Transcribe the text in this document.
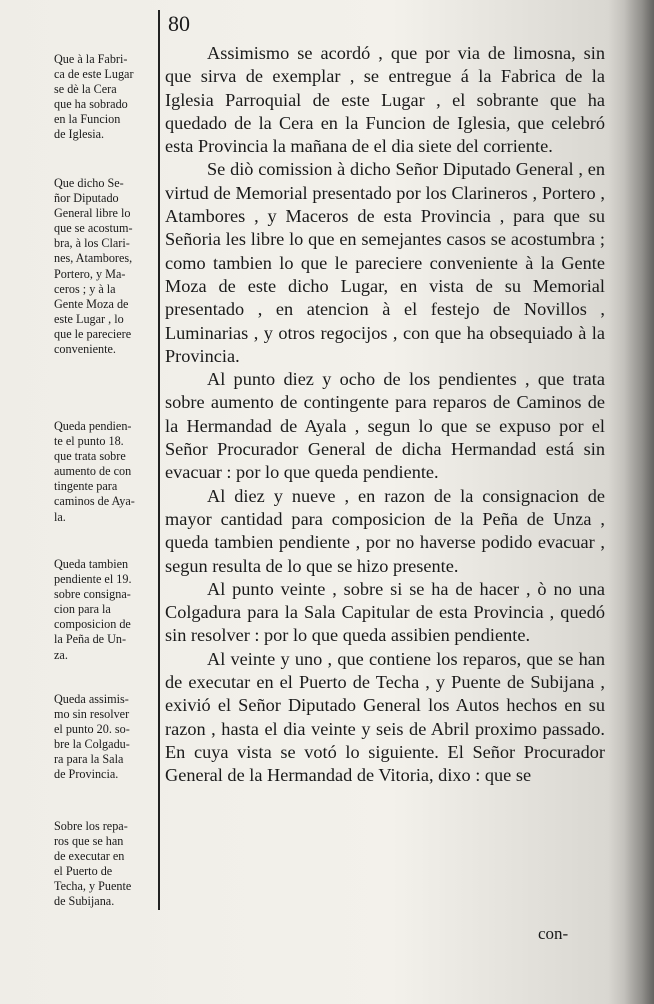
80
Que à la Fabri-
ca de este Lugar
se dè la Cera
que ha sobrado
en la Funcion
de Iglesia.
Que dicho Se-
ñor Diputado
General libre lo
que se acostum-
bra, à los Clari-
nes, Atambores,
Portero, y Ma-
ceros ; y à la
Gente Moza de
este Lugar , lo
que le pareciere
conveniente.
Queda pendien-
te el punto 18.
que trata sobre
aumento de con
tingente para
caminos de Aya-
la.
Queda tambien
pendiente el 19.
sobre consigna-
cion para la
composicion de
la Peña de Un-
za.
Queda assimis-
mo sin resolver
el punto 20. so-
bre la Colgadu-
ra para la Sala
de Provincia.
Sobre los repa-
ros que se han
de executar en
el Puerto de
Techa, y Puente
de Subijana.

Assimismo se acordó , que por via de limosna, sin que sirva de exemplar , se entregue á la Fabrica de la Iglesia Parroquial de este Lugar , el sobrante que ha quedado de la Cera en la Funcion de Iglesia, que celebró esta Provincia la mañana de el dia siete del corriente.

Se diò comission à dicho Señor Diputado General , en virtud de Memorial presentado por los Clarineros , Portero , Atambores , y Maceros de esta Provincia , para que su Señoria les libre lo que en semejantes casos se acostumbra ; como tambien lo que le pareciere conveniente à la Gente Moza de este dicho Lugar, en vista de su Memorial presentado , en atencion à el festejo de Novillos , Luminarias , y otros regocijos , con que ha obsequiado à la Provincia.

Al punto diez y ocho de los pendientes , que trata sobre aumento de contingente para reparos de Caminos de la Hermandad de Ayala , segun lo que se expuso por el Señor Procurador General de dicha Hermandad está sin evacuar : por lo que queda pendiente.

Al diez y nueve , en razon de la consignacion de mayor cantidad para composicion de la Peña de Unza , queda tambien pendiente , por no haverse podido evacuar , segun resulta de lo que se hizo presente.

Al punto veinte , sobre si se ha de hacer , ò no una Colgadura para la Sala Capitular de esta Provincia , quedó sin resolver : por lo que queda assibien pendiente.

Al veinte y uno , que contiene los reparos, que se han de executar en el Puerto de Techa , y Puente de Subijana , exivió el Señor Diputado General los Autos hechos en su razon , hasta el dia veinte y seis de Abril proximo passado. En cuya vista se votó lo siguiente. El Señor Procurador General de la Hermandad de Vitoria, dixo : que se

con-
